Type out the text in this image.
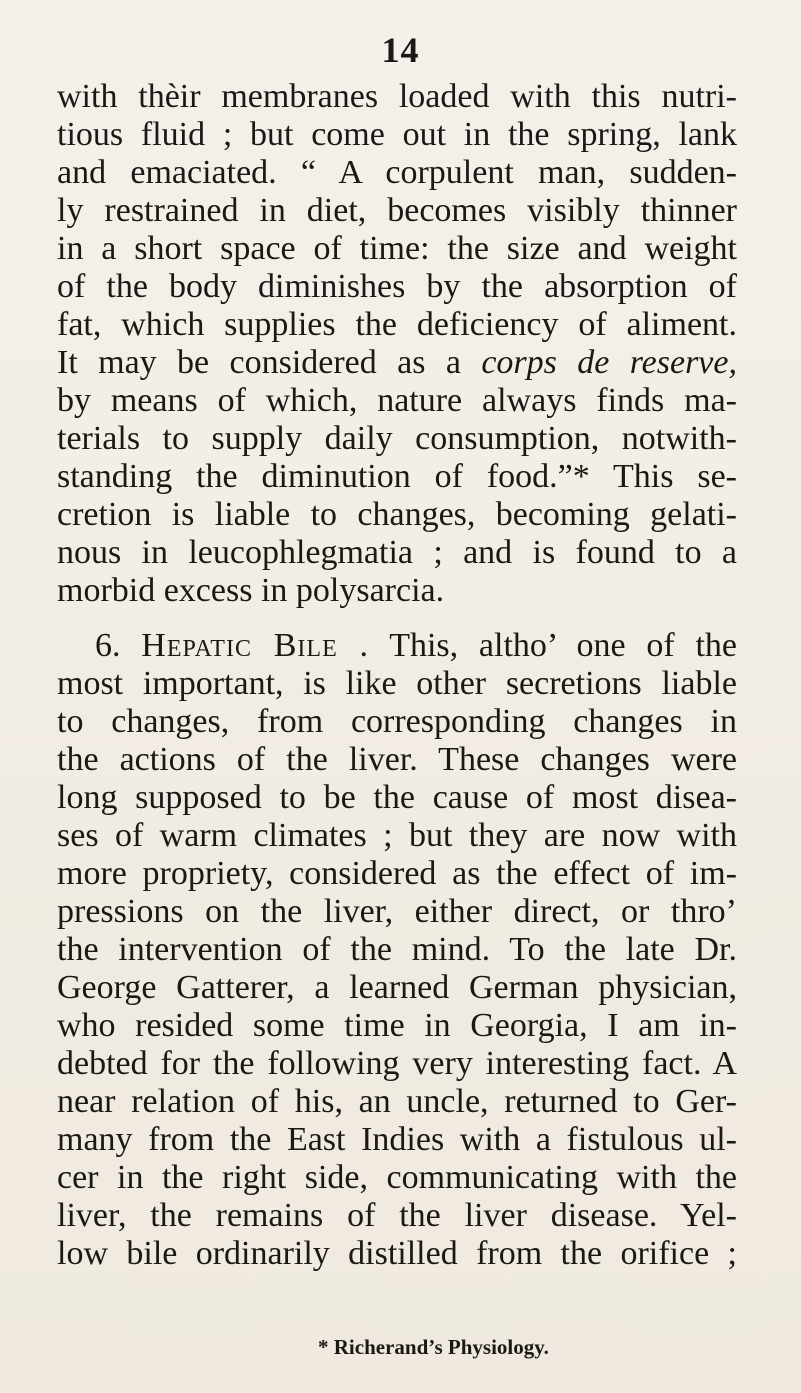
14
with thèir membranes loaded with this nutri-
tious fluid ; but come out in the spring, lank
and emaciated. “ A corpulent man, sudden-
ly restrained in diet, becomes visibly thinner
in a short space of time: the size and weight
of the body diminishes by the absorption of
fat, which supplies the deficiency of aliment.
It may be considered as a corps de reserve,
by means of which, nature always finds ma-
terials to supply daily consumption, notwith-
standing the diminution of food.”* This se-
cretion is liable to changes, becoming gelati-
nous in leucophlegmatia ; and is found to a
morbid excess in polysarcia.
6. Hepatic Bile . This, altho’ one of the
most important, is like other secretions liable
to changes, from corresponding changes in
the actions of the liver. These changes were
long supposed to be the cause of most disea-
ses of warm climates ; but they are now with
more propriety, considered as the effect of im-
pressions on the liver, either direct, or thro’
the intervention of the mind. To the late Dr.
George Gatterer, a learned German physician,
who resided some time in Georgia, I am in-
debted for the following very interesting fact. A
near relation of his, an uncle, returned to Ger-
many from the East Indies with a fistulous ul-
cer in the right side, communicating with the
liver, the remains of the liver disease. Yel-
low bile ordinarily distilled from the orifice ;
* Richerand’s Physiology.
